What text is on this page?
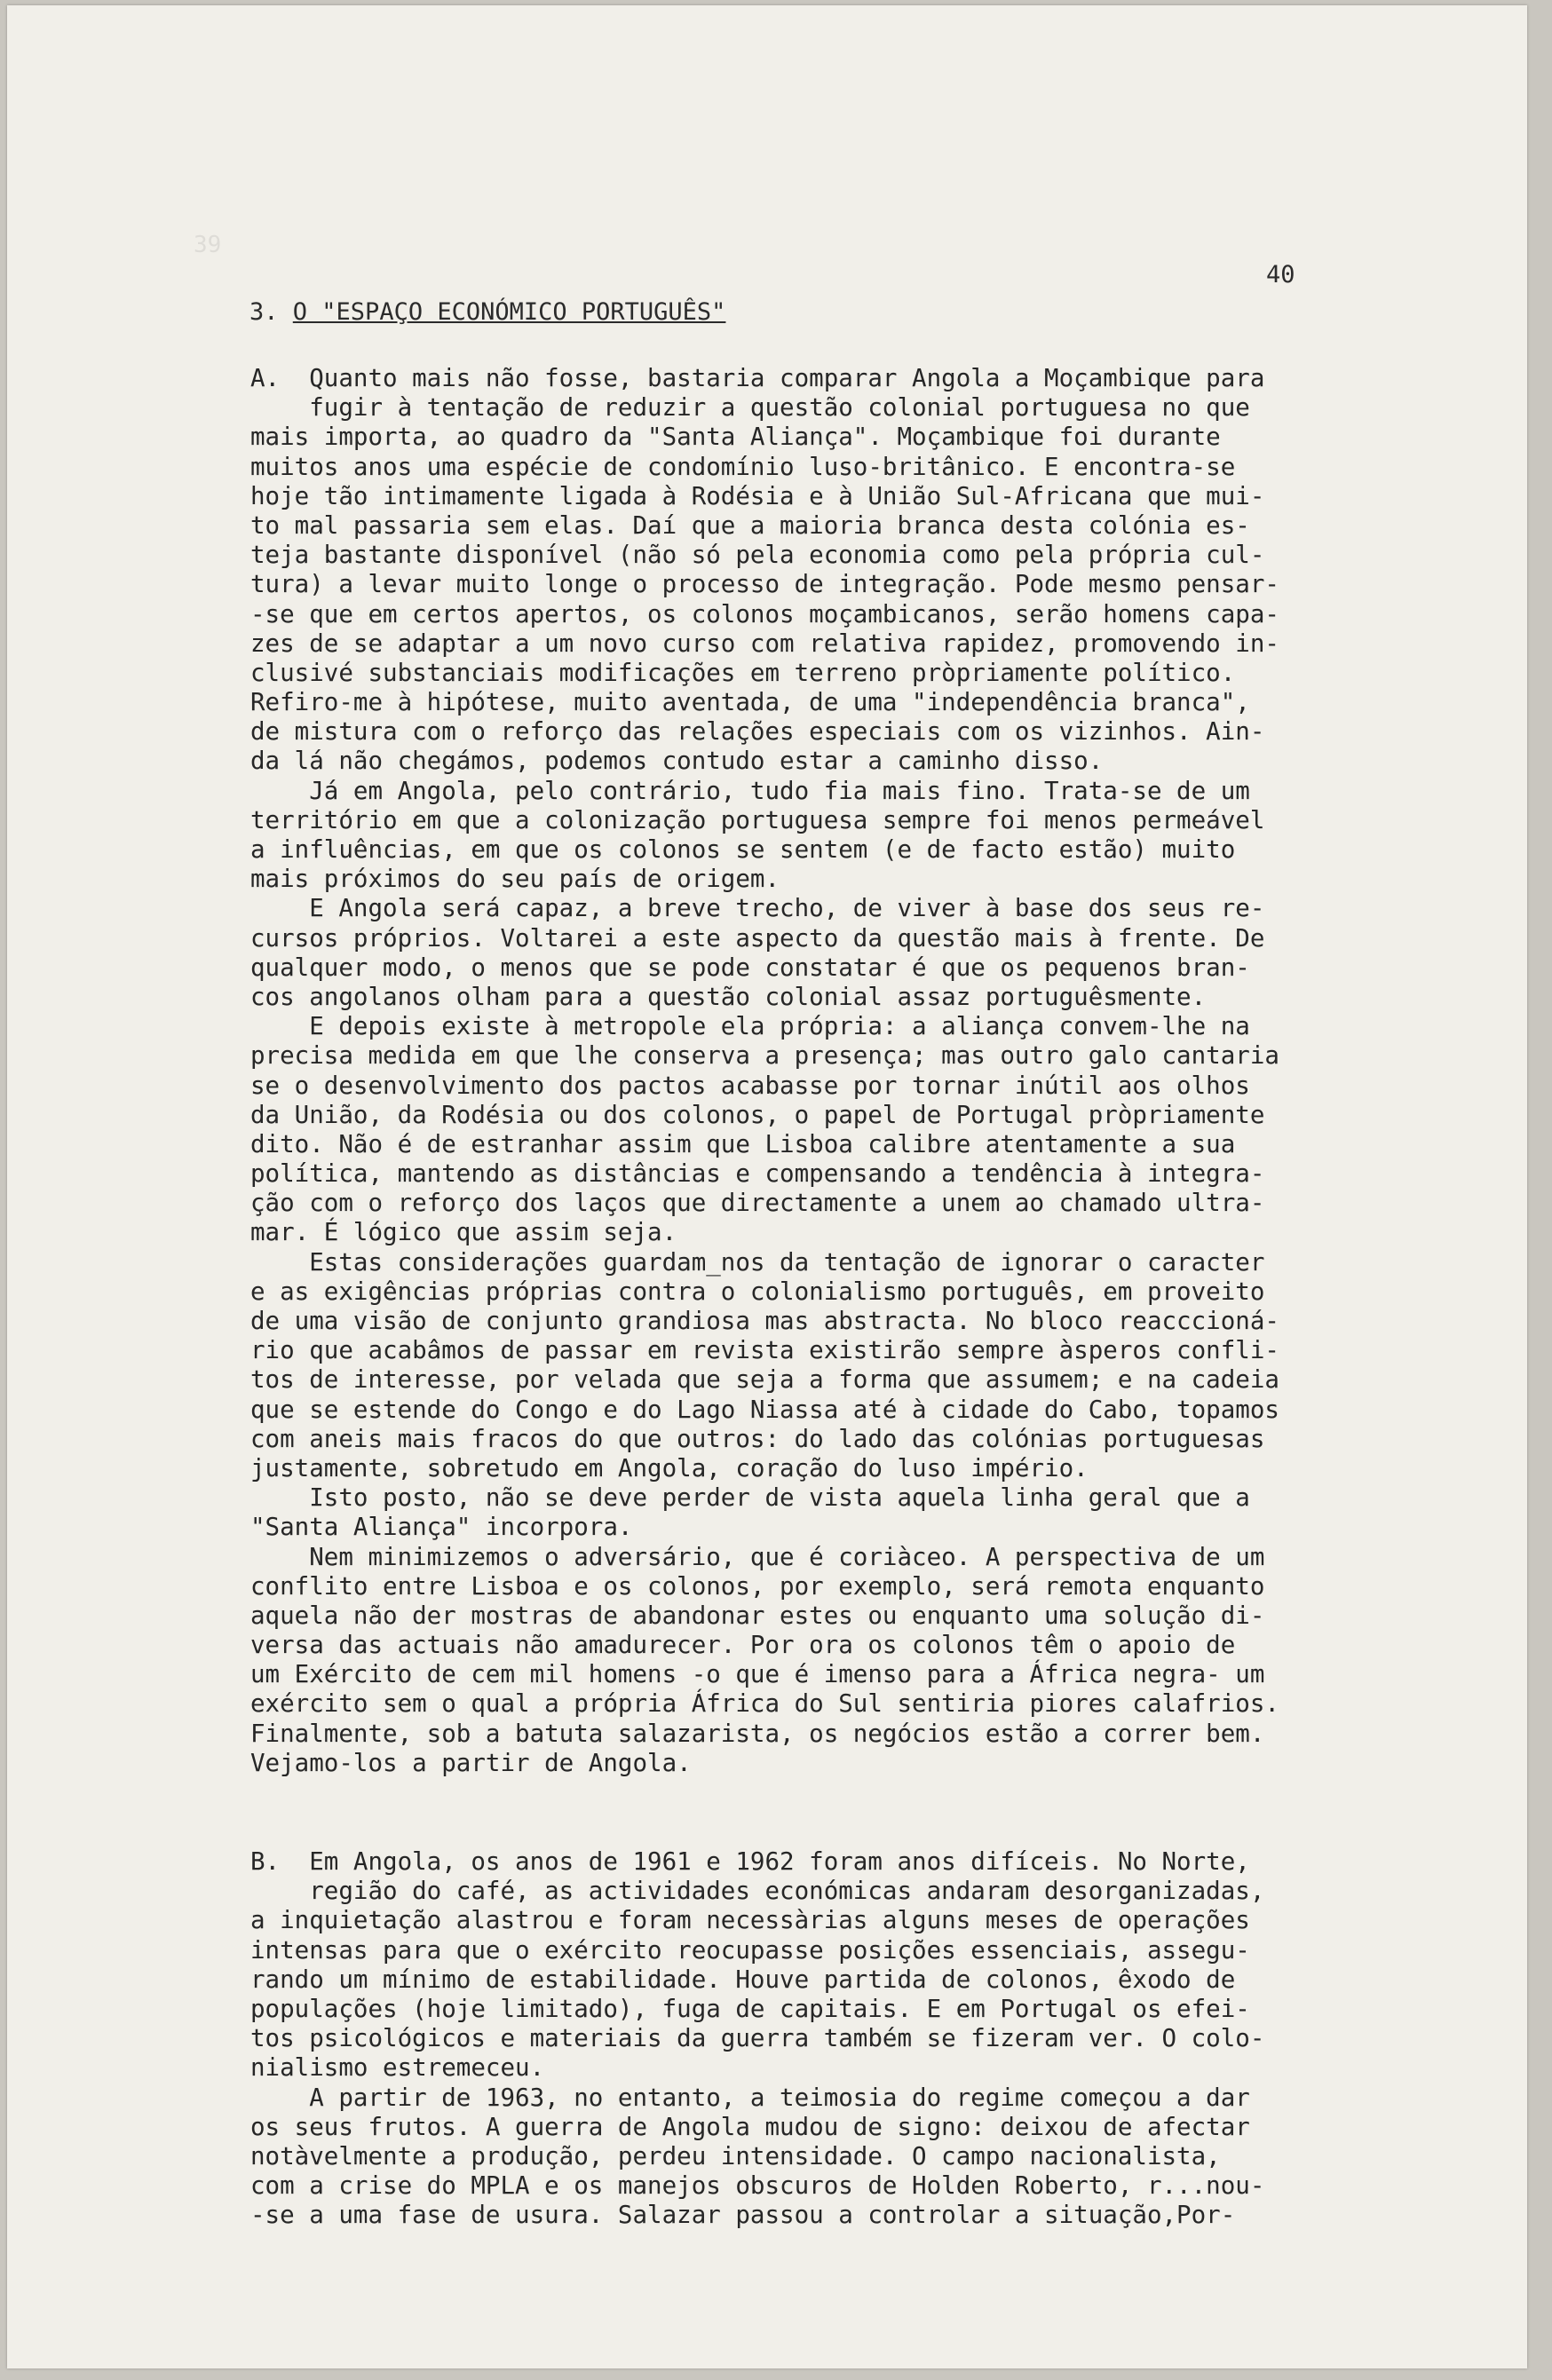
39
40
3. O "ESPAÇO ECONÓMICO PORTUGUÊS"
A.  Quanto mais não fosse, bastaria comparar Angola a Moçambique para
fugir à tentação de reduzir a questão colonial portuguesa no que
mais importa, ao quadro da "Santa Aliança". Moçambique foi durante
muitos anos uma espécie de condomínio luso-britânico. E encontra-se
hoje tão intimamente ligada à Rodésia e à União Sul-Africana que mui-
to mal passaria sem elas. Daí que a maioria branca desta colónia es-
teja bastante disponível (não só pela economia como pela própria cul-
tura) a levar muito longe o processo de integração. Pode mesmo pensar-
-se que em certos apertos, os colonos moçambicanos, serão homens capa-
zes de se adaptar a um novo curso com relativa rapidez, promovendo in-
clusivé substanciais modificações em terreno pròpriamente político.
Refiro-me à hipótese, muito aventada, de uma "independência branca",
de mistura com o reforço das relações especiais com os vizinhos. Ain-
da lá não chegámos, podemos contudo estar a caminho disso.
Já em Angola, pelo contrário, tudo fia mais fino. Trata-se de um
território em que a colonização portuguesa sempre foi menos permeável
a influências, em que os colonos se sentem (e de facto estão) muito
mais próximos do seu país de origem.
E Angola será capaz, a breve trecho, de viver à base dos seus re-
cursos próprios. Voltarei a este aspecto da questão mais à frente. De
qualquer modo, o menos que se pode constatar é que os pequenos bran-
cos angolanos olham para a questão colonial assaz portuguêsmente.
E depois existe à metropole ela própria: a aliança convem-lhe na
precisa medida em que lhe conserva a presença; mas outro galo cantaria
se o desenvolvimento dos pactos acabasse por tornar inútil aos olhos
da União, da Rodésia ou dos colonos, o papel de Portugal pròpriamente
dito. Não é de estranhar assim que Lisboa calibre atentamente a sua
política, mantendo as distâncias e compensando a tendência à integra-
ção com o reforço dos laços que directamente a unem ao chamado ultra-
mar. É lógico que assim seja.
Estas considerações guardam_nos da tentação de ignorar o caracter
e as exigências próprias contra o colonialismo português, em proveito
de uma visão de conjunto grandiosa mas abstracta. No bloco reacccioná-
rio que acabâmos de passar em revista existirão sempre àsperos confli-
tos de interesse, por velada que seja a forma que assumem; e na cadeia
que se estende do Congo e do Lago Niassa até à cidade do Cabo, topamos
com aneis mais fracos do que outros: do lado das colónias portuguesas
justamente, sobretudo em Angola, coração do luso império.
Isto posto, não se deve perder de vista aquela linha geral que a
"Santa Aliança" incorpora.
Nem minimizemos o adversário, que é coriàceo. A perspectiva de um
conflito entre Lisboa e os colonos, por exemplo, será remota enquanto
aquela não der mostras de abandonar estes ou enquanto uma solução di-
versa das actuais não amadurecer. Por ora os colonos têm o apoio de
um Exército de cem mil homens -o que é imenso para a África negra- um
exército sem o qual a própria África do Sul sentiria piores calafrios.
Finalmente, sob a batuta salazarista, os negócios estão a correr bem.
Vejamo-los a partir de Angola.
B.  Em Angola, os anos de 1961 e 1962 foram anos difíceis. No Norte,
região do café, as actividades económicas andaram desorganizadas,
a inquietação alastrou e foram necessàrias alguns meses de operações
intensas para que o exército reocupasse posições essenciais, assegu-
rando um mínimo de estabilidade. Houve partida de colonos, êxodo de
populações (hoje limitado), fuga de capitais. E em Portugal os efei-
tos psicológicos e materiais da guerra também se fizeram ver. O colo-
nialismo estremeceu.
A partir de 1963, no entanto, a teimosia do regime começou a dar
os seus frutos. A guerra de Angola mudou de signo: deixou de afectar
notàvelmente a produção, perdeu intensidade. O campo nacionalista,
com a crise do MPLA e os manejos obscuros de Holden Roberto, r...nou-
-se a uma fase de usura. Salazar passou a controlar a situação,Por-
